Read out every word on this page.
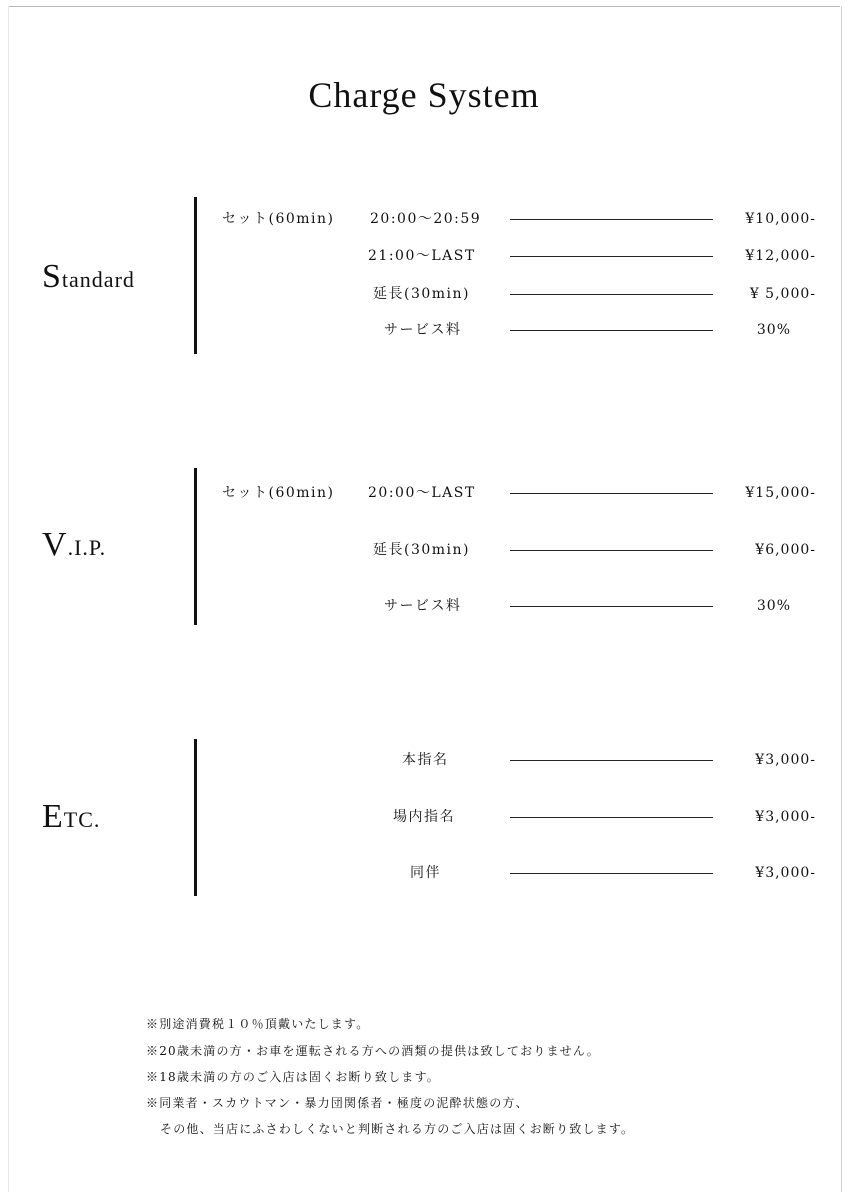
Charge System
Standard
セット(60min)	20:00～20:59	¥10,000-
21:00～LAST	¥12,000-
延長(30min)	¥ 5,000-
サービス料	30%
V.I.P.
セット(60min) 20:00～LAST	¥15,000-
延長(30min)	¥6,000-
サービス料	30%
ETC.
本指名	¥3,000-
場内指名	¥3,000-
同伴	¥3,000-
※別途消費税１０％頂戴いたします。
※20歳未満の方・お車を運転される方への酒類の提供は致しておりません。
※18歳未満の方のご入店は固くお断り致します。
※同業者・スカウトマン・暴力団関係者・極度の泥酔状態の方、
その他、当店にふさわしくないと判断される方のご入店は固くお断り致します。
